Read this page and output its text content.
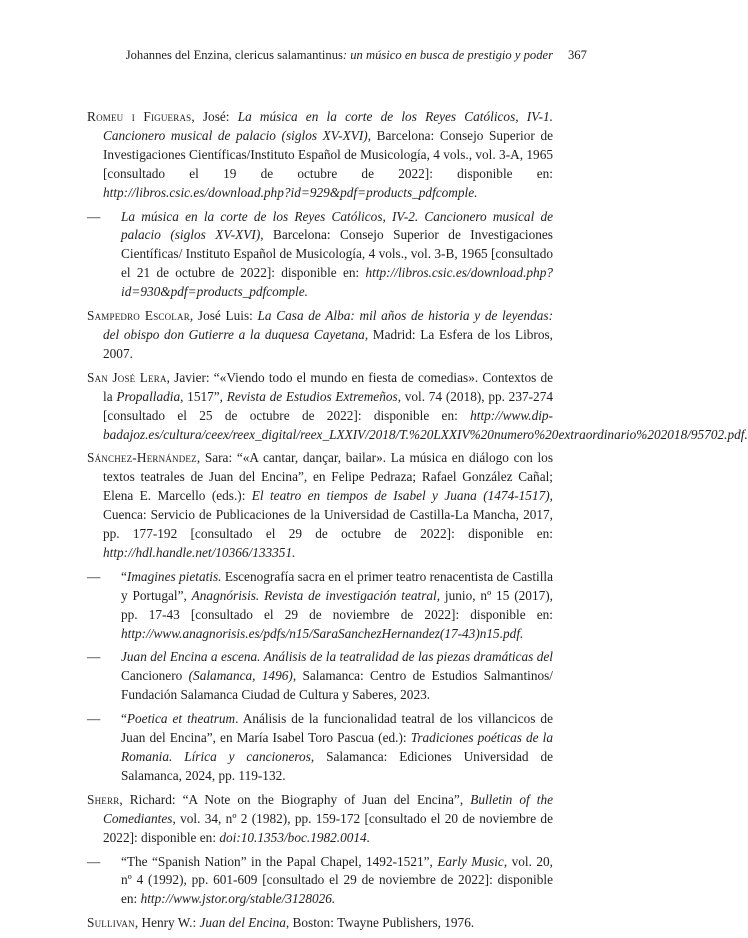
Johannes del Enzina, clericus salamantinus: un músico en busca de prestigio y poder 367
Romeu i Figueras, José: La música en la corte de los Reyes Católicos, IV-1. Cancionero musical de palacio (siglos XV-XVI), Barcelona: Consejo Superior de Investigaciones Científicas/Instituto Español de Musicología, 4 vols., vol. 3-A, 1965 [consultado el 19 de octubre de 2022]: disponible en: http://libros.csic.es/download.php?id=929&pdf=products_pdfcomple.
— La música en la corte de los Reyes Católicos, IV-2. Cancionero musical de palacio (siglos XV-XVI), Barcelona: Consejo Superior de Investigaciones Científicas/ Instituto Español de Musicología, 4 vols., vol. 3-B, 1965 [consultado el 21 de octubre de 2022]: disponible en: http://libros.csic.es/download.php?id=930&pdf=products_pdfcomple.
Sampedro Escolar, José Luis: La Casa de Alba: mil años de historia y de leyendas: del obispo don Gutierre a la duquesa Cayetana, Madrid: La Esfera de los Libros, 2007.
San José Lera, Javier: “«Viendo todo el mundo en fiesta de comedias». Contextos de la Propalladia, 1517”, Revista de Estudios Extremeños, vol. 74 (2018), pp. 237-274 [consultado el 25 de octubre de 2022]: disponible en: http://www.dip-badajoz.es/cultura/ceex/reex_digital/reex_LXXIV/2018/T.%20LXXIV%20numero%20extraordinario%202018/95702.pdf.
Sánchez-Hernández, Sara: “«A cantar, dançar, bailar». La música en diálogo con los textos teatrales de Juan del Encina”, en Felipe Pedraza; Rafael González Cañal; Elena E. Marcello (eds.): El teatro en tiempos de Isabel y Juana (1474-1517), Cuenca: Servicio de Publicaciones de la Universidad de Castilla-La Mancha, 2017, pp. 177-192 [consultado el 29 de octubre de 2022]: disponible en: http://hdl.handle.net/10366/133351.
— “Imagines pietatis. Escenografía sacra en el primer teatro renacentista de Castilla y Portugal”, Anagnórisis. Revista de investigación teatral, junio, nº 15 (2017), pp. 17-43 [consultado el 29 de noviembre de 2022]: disponible en: http://www.anagnorisis.es/pdfs/n15/SaraSanchezHernandez(17-43)n15.pdf.
— Juan del Encina a escena. Análisis de la teatralidad de las piezas dramáticas del Cancionero (Salamanca, 1496), Salamanca: Centro de Estudios Salmantinos/ Fundación Salamanca Ciudad de Cultura y Saberes, 2023.
— “Poetica et theatrum. Análisis de la funcionalidad teatral de los villancicos de Juan del Encina”, en María Isabel Toro Pascua (ed.): Tradiciones poéticas de la Romania. Lírica y cancioneros, Salamanca: Ediciones Universidad de Salamanca, 2024, pp. 119-132.
Sherr, Richard: “A Note on the Biography of Juan del Encina”, Bulletin of the Comediantes, vol. 34, nº 2 (1982), pp. 159-172 [consultado el 20 de noviembre de 2022]: disponible en: doi:10.1353/boc.1982.0014.
— “The “Spanish Nation” in the Papal Chapel, 1492-1521”, Early Music, vol. 20, nº 4 (1992), pp. 601-609 [consultado el 29 de noviembre de 2022]: disponible en: http://www.jstor.org/stable/3128026.
Sullivan, Henry W.: Juan del Encina, Boston: Twayne Publishers, 1976.
